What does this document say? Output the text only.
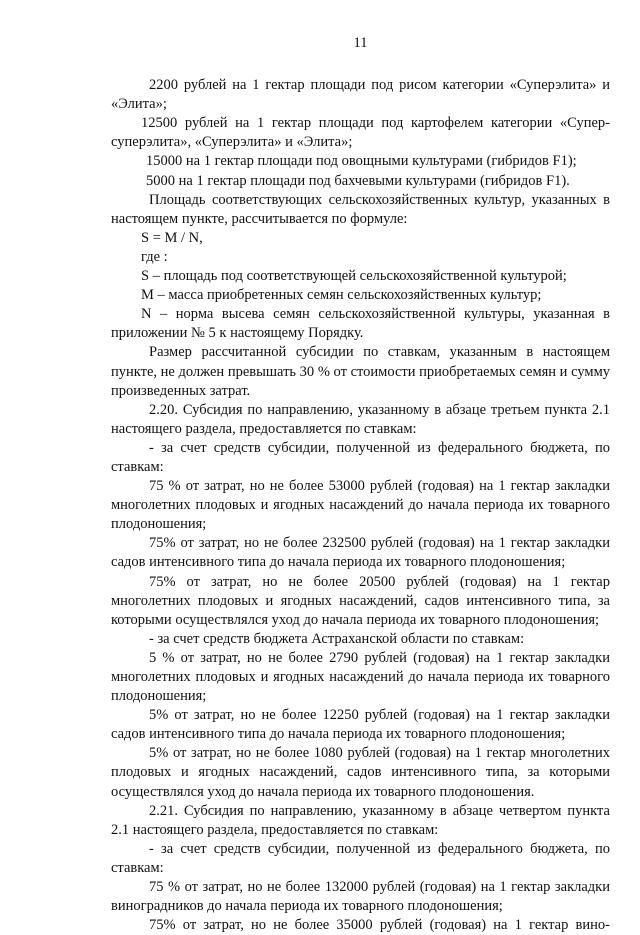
11

2200 рублей на 1 гектар площади под рисом категории «Суперэлита» и «Элита»;

12500 рублей на 1 гектар площади под картофелем категории «Супер-суперэлита», «Суперэлита» и «Элита»;

15000 на 1 гектар площади под овощными культурами (гибридов F1);

5000 на 1 гектар площади под бахчевыми культурами (гибридов F1).

Площадь соответствующих сельскохозяйственных культур, указанных в настоящем пункте, рассчитывается по формуле:

S = M / N,

где :

S – площадь под соответствующей сельскохозяйственной культурой;

M – масса приобретенных семян сельскохозяйственных культур;

N – норма высева семян сельскохозяйственной культуры, указанная в приложении № 5 к настоящему Порядку.

Размер рассчитанной субсидии по ставкам, указанным в настоящем пункте, не должен превышать 30 % от стоимости приобретаемых семян и сумму произведенных затрат.

2.20. Субсидия по направлению, указанному в абзаце третьем пункта 2.1 настоящего раздела, предоставляется по ставкам:

- за счет средств субсидии, полученной из федерального бюджета, по ставкам:

75 % от затрат, но не более 53000 рублей (годовая) на 1 гектар закладки многолетних плодовых и ягодных насаждений до начала периода их товарного плодоношения;

75% от затрат, но не более 232500 рублей (годовая) на 1 гектар закладки садов интенсивного типа до начала периода их товарного плодоношения;

75% от затрат, но не более 20500 рублей (годовая) на 1 гектар многолетних плодовых и ягодных насаждений, садов интенсивного типа, за которыми осуществлялся уход до начала периода их товарного плодоношения;

- за счет средств бюджета Астраханской области по ставкам:

5 % от затрат, но не более 2790 рублей (годовая) на 1 гектар закладки многолетних плодовых и ягодных насаждений до начала периода их товарного плодоношения;

5% от затрат, но не более 12250 рублей (годовая) на 1 гектар закладки садов интенсивного типа до начала периода их товарного плодоношения;

5% от затрат, но не более 1080 рублей (годовая) на 1 гектар многолетних плодовых и ягодных насаждений, садов интенсивного типа, за которыми осуществлялся уход до начала периода их товарного плодоношения.

2.21. Субсидия по направлению, указанному в абзаце четвертом пункта 2.1 настоящего раздела, предоставляется по ставкам:

- за счет средств субсидии, полученной из федерального бюджета, по ставкам:

75 % от затрат, но не более 132000 рублей (годовая) на 1 гектар закладки виноградников до начала периода их товарного плодоношения;

75% от затрат, но не более 35000 рублей (годовая) на 1 гектар вино-
